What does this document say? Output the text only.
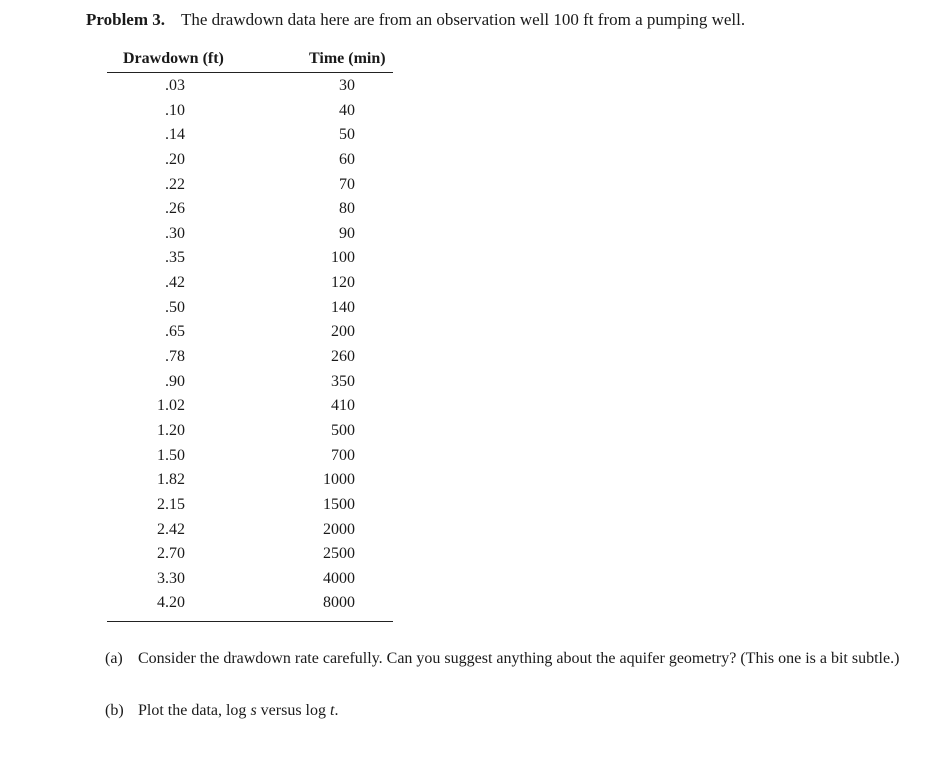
Problem 3. The drawdown data here are from an observation well 100 ft from a pumping well.
Drawdown (ft)	Time (min)
.03	30
.10	40
.14	50
.20	60
.22	70
.26	80
.30	90
.35	100
.42	120
.50	140
.65	200
.78	260
.90	350
1.02	410
1.20	500
1.50	700
1.82	1000
2.15	1500
2.42	2000
2.70	2500
3.30	4000
4.20	8000
(a) Consider the drawdown rate carefully. Can you suggest anything about the aquifer geometry? (This one is a bit subtle.)
(b) Plot the data, log s versus log t.
